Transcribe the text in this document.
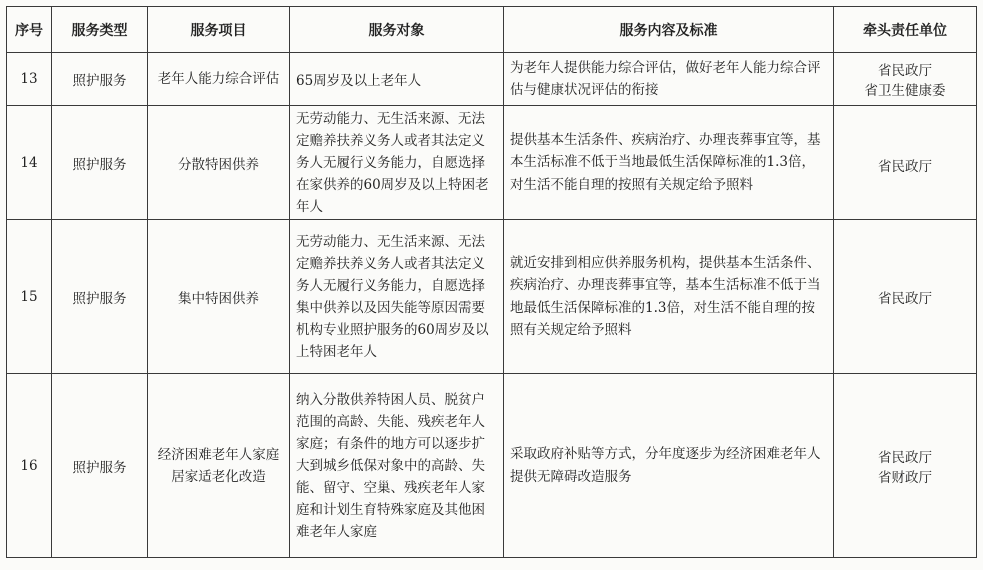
序号	服务类型	服务项目	服务对象	服务内容及标准	牵头责任单位
13	照护服务	老年人能力综合评估	65周岁及以上老年人	为老年人提供能力综合评估，做好老年人能力综合评估与健康状况评估的衔接	省民政厅
省卫生健康委

14	照护服务	分散特困供养	无劳动能力、无生活来源、无法定赡养扶养义务人或者其法定义务人无履行义务能力，自愿选择在家供养的60周岁及以上特困老年人	提供基本生活条件、疾病治疗、办理丧葬事宜等，基本生活标准不低于当地最低生活保障标准的1.3倍，对生活不能自理的按照有关规定给予照料	省民政厅

15	照护服务	集中特困供养	无劳动能力、无生活来源、无法定赡养扶养义务人或者其法定义务人无履行义务能力，自愿选择集中供养以及因失能等原因需要机构专业照护服务的60周岁及以上特困老年人	就近安排到相应供养服务机构，提供基本生活条件、疾病治疗、办理丧葬事宜等，基本生活标准不低于当地最低生活保障标准的1.3倍，对生活不能自理的按照有关规定给予照料	省民政厅

16	照护服务	经济困难老年人家庭居家适老化改造	纳入分散供养特困人员、脱贫户范围的高龄、失能、残疾老年人家庭；有条件的地方可以逐步扩大到城乡低保对象中的高龄、失能、留守、空巢、残疾老年人家庭和计划生育特殊家庭及其他困难老年人家庭	采取政府补贴等方式，分年度逐步为经济困难老年人提供无障碍改造服务	省民政厅
省财政厅
